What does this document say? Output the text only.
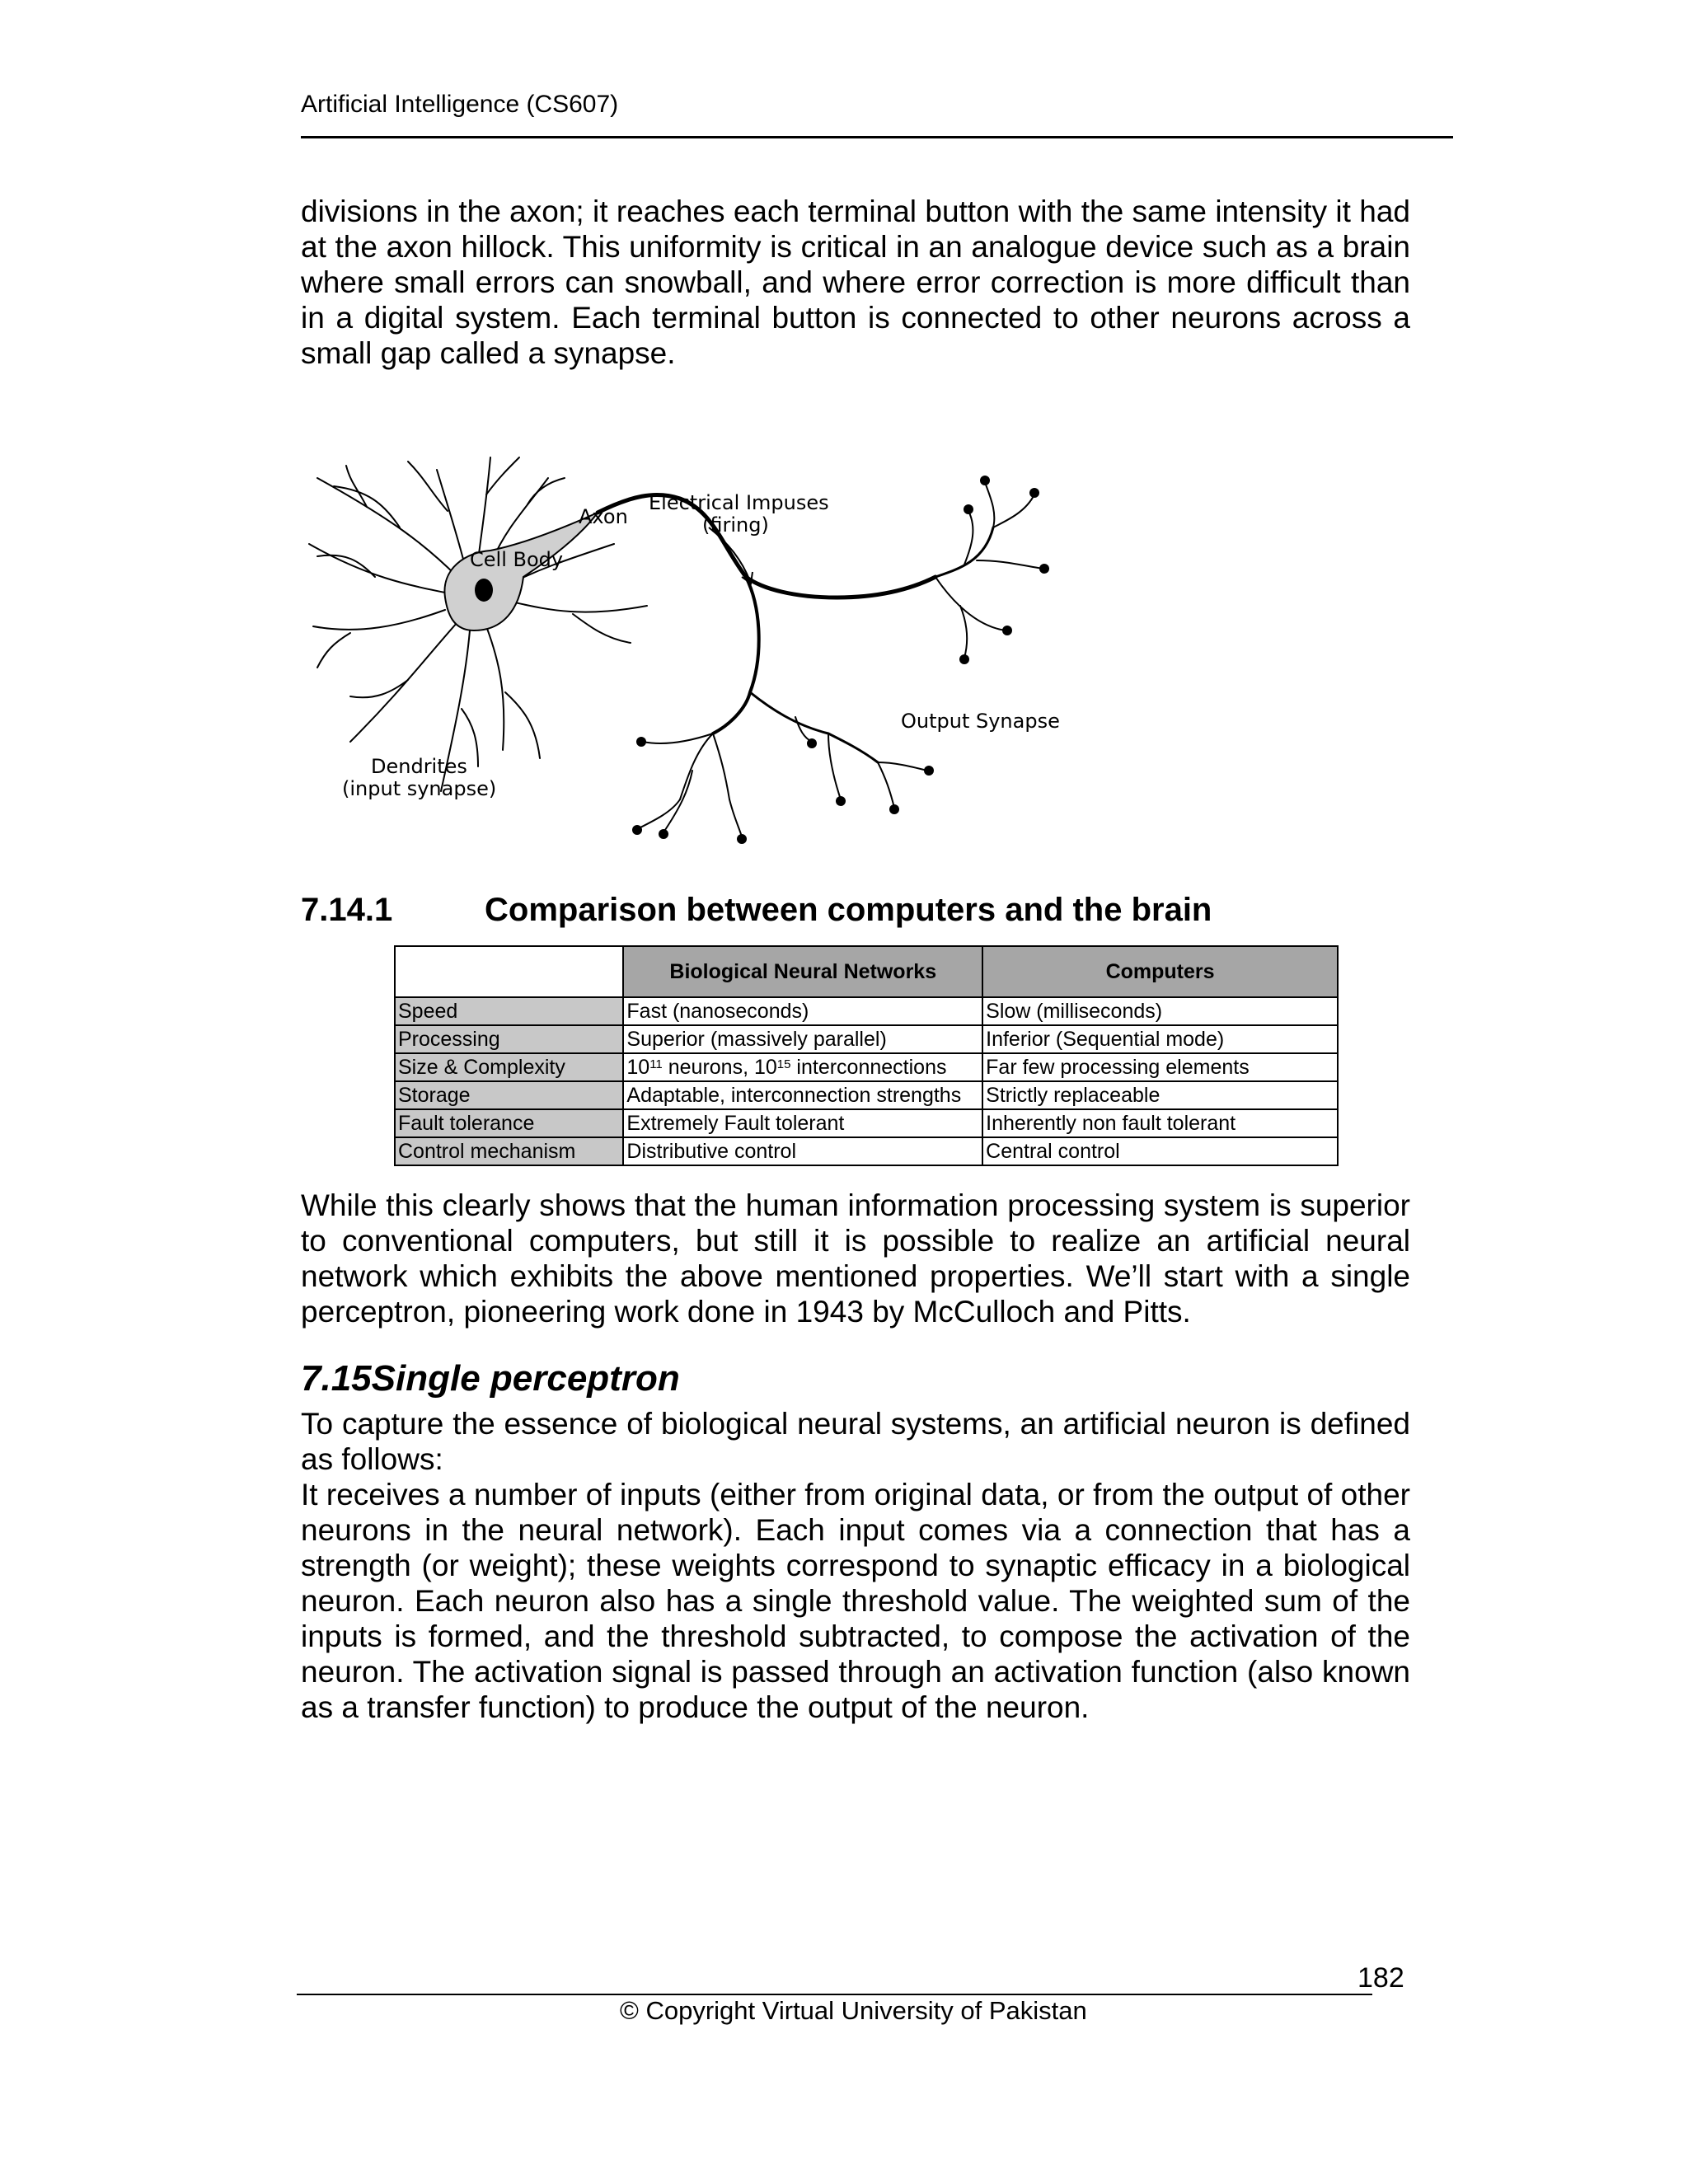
Artificial Intelligence (CS607)

divisions in the axon; it reaches each terminal button with the same intensity it had at the axon hillock. This uniformity is critical in an analogue device such as a brain where small errors can snowball, and where error correction is more difficult than in a digital system. Each terminal button is connected to other neurons across a small gap called a synapse.

Axon
Electrical Impuses
(firing)
Cell Body
Output Synapse
Dendrites
(input synapse)
7.14.1	Comparison between computers and the brain
	Biological Neural Networks	Computers
Speed	Fast (nanoseconds)	Slow (milliseconds)
Processing	Superior (massively parallel)	Inferior (Sequential mode)
Size & Complexity	$10^{11}$ neurons, $10^{15}$ interconnections	Far few processing elements
Storage	Adaptable, interconnection strengths	Strictly replaceable
Fault tolerance	Extremely Fault tolerant	Inherently non fault tolerant
Control mechanism	Distributive control	Central control

While this clearly shows that the human information processing system is superior to conventional computers, but still it is possible to realize an artificial neural network which exhibits the above mentioned properties. We’ll start with a single perceptron, pioneering work done in 1943 by McCulloch and Pitts.

7.15Single perceptron

To capture the essence of biological neural systems, an artificial neuron is defined as follows:

It receives a number of inputs (either from original data, or from the output of other neurons in the neural network). Each input comes via a connection that has a strength (or weight); these weights correspond to synaptic efficacy in a biological neuron. Each neuron also has a single threshold value. The weighted sum of the inputs is formed, and the threshold subtracted, to compose the activation of the neuron. The activation signal is passed through an activation function (also known as a transfer function) to produce the output of the neuron.

182
© Copyright Virtual University of Pakistan
